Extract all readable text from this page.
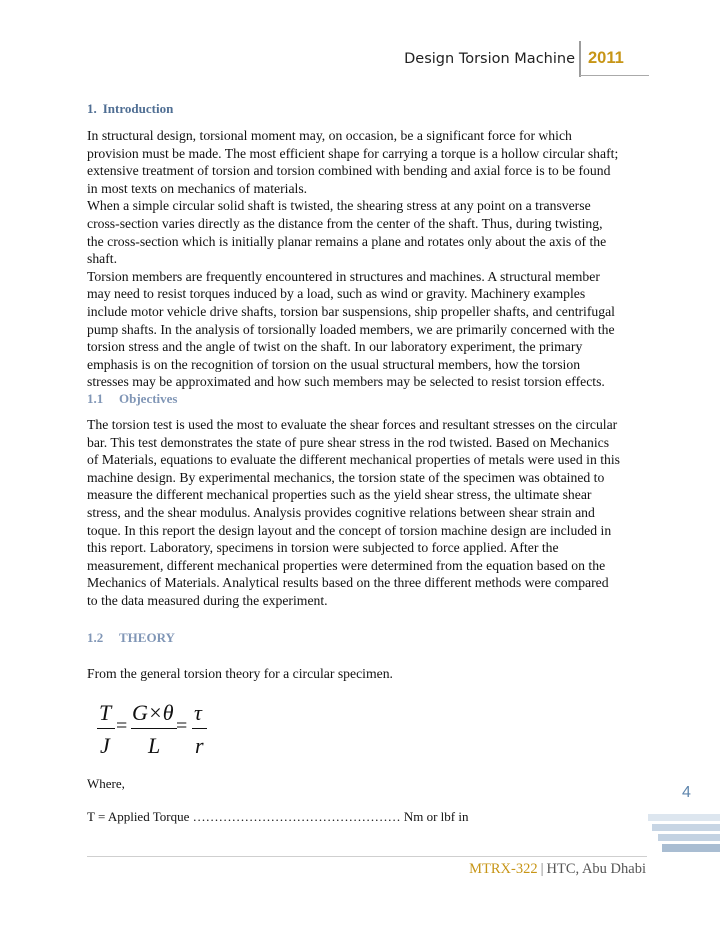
Design Torsion Machine 2011
1. Introduction
In structural design, torsional moment may, on occasion, be a significant force for which
provision must be made. The most efficient shape for carrying a torque is a hollow circular shaft;
extensive treatment of torsion and torsion combined with bending and axial force is to be found
in most texts on mechanics of materials.
When a simple circular solid shaft is twisted, the shearing stress at any point on a transverse
cross-section varies directly as the distance from the center of the shaft. Thus, during twisting,
the cross-section which is initially planar remains a plane and rotates only about the axis of the
shaft.
Torsion members are frequently encountered in structures and machines. A structural member
may need to resist torques induced by a load, such as wind or gravity. Machinery examples
include motor vehicle drive shafts, torsion bar suspensions, ship propeller shafts, and centrifugal
pump shafts. In the analysis of torsionally loaded members, we are primarily concerned with the
torsion stress and the angle of twist on the shaft. In our laboratory experiment, the primary
emphasis is on the recognition of torsion on the usual structural members, how the torsion
stresses may be approximated and how such members may be selected to resist torsion effects.
1.1 Objectives
The torsion test is used the most to evaluate the shear forces and resultant stresses on the circular
bar. This test demonstrates the state of pure shear stress in the rod twisted. Based on Mechanics
of Materials, equations to evaluate the different mechanical properties of metals were used in this
machine design. By experimental mechanics, the torsion state of the specimen was obtained to
measure the different mechanical properties such as the yield shear stress, the ultimate shear
stress, and the shear modulus. Analysis provides cognitive relations between shear strain and
toque. In this report the design layout and the concept of torsion machine design are included in
this report. Laboratory, specimens in torsion were subjected to force applied. After the
measurement, different mechanical properties were determined from the equation based on the
Mechanics of Materials. Analytical results based on the three different methods were compared
to the data measured during the experiment.
1.2 THEORY
From the general torsion theory for a circular specimen.
T
J
=
G×θ
L
=
τ
r
Where,
T = Applied Torque ………………………………………… Nm or lbf in
4
MTRX-322 | HTC, Abu Dhabi
